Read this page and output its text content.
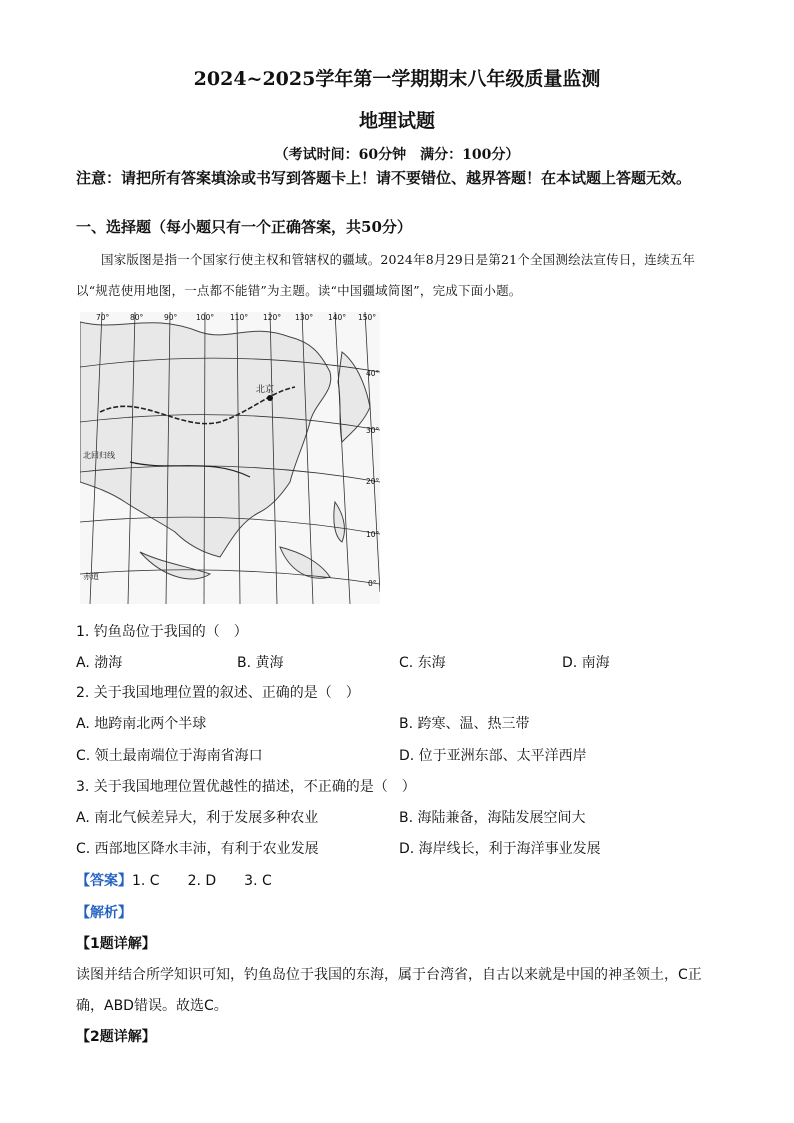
2024~2025学年第一学期期末八年级质量监测
地理试题
（考试时间：60分钟　满分：100分）
注意：请把所有答案填涂或书写到答题卡上！请不要错位、越界答题！在本试题上答题无效。
一、选择题（每小题只有一个正确答案，共50分）
国家版图是指一个国家行使主权和管辖权的疆域。2024年8月29日是第21个全国测绘法宣传日，连续五年以“规范使用地图，一点都不能错”为主题。读“中国疆域简图”，完成下面小题。
北京
北回归线
赤道
70°	80°	90° 100° 110° 120° 130° 140° 150°
40°
30°
20°
10°
0°
1. 钓鱼岛位于我国的（　）
A. 渤海	B. 黄海	C. 东海	D. 南海
2. 关于我国地理位置的叙述、正确的是（　）
A. 地跨南北两个半球	B. 跨寒、温、热三带
C. 领土最南端位于海南省海口	D. 位于亚洲东部、太平洋西岸
3. 关于我国地理位置优越性的描述，不正确的是（　）
A. 南北气候差异大，利于发展多种农业	B. 海陆兼备，海陆发展空间大
C. 西部地区降水丰沛，有利于农业发展	D. 海岸线长，利于海洋事业发展
【答案】1. C　　2. D　　3. C
【解析】
【1题详解】
读图并结合所学知识可知，钓鱼岛位于我国的东海，属于台湾省，自古以来就是中国的神圣领土，C正确，ABD错误。故选C。
【2题详解】
